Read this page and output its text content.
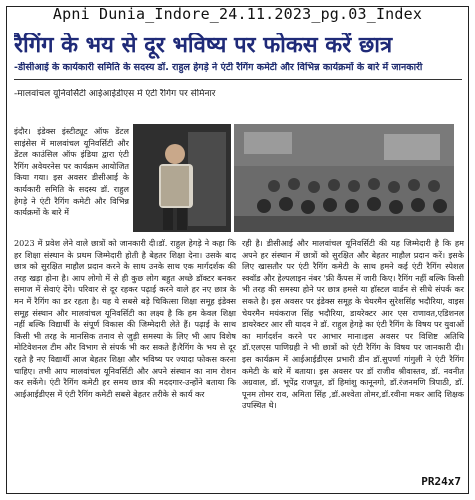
Apni Dunia_Indore_24.11.2023_pg.03_Index
रैगिंग के भय से दूर भविष्य पर फोकस करें छात्र
-डीसीआई के कार्यकारी समिति के सदस्य डॉ. राहुल हेगड़े ने एंटी रैगिंग कमेटी और विभिन्न कार्यक्रमों के बारे में जानकारी
-मालवांचल यूनिवर्सिटी आईआईडीएस में एंटी रैगिंग पर सेमिनार
इंदौर। इंडेक्स इंस्टीट्यूट ऑफ डेंटल साइंसेस में मालवांचल यूनिवर्सिटी और डेंटल काउंसिल ऑफ इंडिया द्वारा एंटी रैगिंग अवेयरनेस पर कार्यक्रम आयोजित किया गया। इस अवसर डीसीआई के कार्यकारी समिति के सदस्य डॉ. राहुल हेगड़े ने एंटी रैगिंग कमेटी और विभिन्न कार्यक्रमों के बारे में
2023 में प्रवेश लेने वाले छात्रों को जानकारी दी।डॉ. राहुल हेगड़े ने कहा कि हर शिक्षा संस्थान के प्रथम जिम्मेदारी होती है बेहतर शिक्षा देना। उसके बाद छात्र को सुरक्षित माहौल प्रदान करने के साथ उनके साथ एक मार्गदर्शक की तरह खड़ा होना है। आप लोगो में से ही कुछ लोग बहुत अच्छे डॉक्टर बनकर समाज में सेवाएं देंगे। परिवार से दूर रहकर पढ़ाई करने वाले हर नए छात्र के मन में रैगिंग का डर रहता है। यह ये सबसे बड़े चिकित्सा शिक्षा समूह इंडेक्स समूह संस्थान और मालवांचल यूनिवर्सिटी का लक्ष्य है कि हम केवल शिक्षा नहीं बल्कि विद्यार्थी के संपूर्ण विकास की जिम्मेदारी लेते हैं। पढ़ाई के साथ किसी भी तरह के मानसिक तनाव से जुड़ी समस्या के लिए भी आप विशेष मोटिवेशनल टीम और विभाग से संपर्क भी कर सकते हैं।रैगिंग के भय से दूर रहते है नए विद्यार्थी आज बेहतर शिक्षा और भविष्य पर ज्यादा फोकस करना चाहिए। तभी आप मालवांचल यूनिवर्सिटी और अपने संस्थान का नाम रोशन कर सकेंगे। एंटी रैगिंग कमेटी हर समय छात्र की मददगार-उन्होंने बताया कि आईआईडीएस में एंटी रैगिंग कमेटी सबसे बेहतर तरीके से कार्य कर
रही है। डीसीआई और मालवांचल यूनिवर्सिटी की यह जिम्मेदारी है कि हम अपने हर संस्थान में छात्रों को सुरक्षित और बेहतर माहौल प्रदान करें। इसके लिए खासतौर पर एंटी रैगिंग कमेटी के साथ हमने कई एंटी रैगिंग स्पेशल स्क्वॉड और हेल्पलाइन नंबर 'फ्री कैंपस में जारी किए। रैगिंग नहीं बल्कि किसी भी तरह की समस्या होने पर छात्र हमसे या हॉस्टल वार्डन से सीधे संपर्क कर सकते है। इस अवसर पर इंडेक्स समूह के चेयरमैन सुरेशसिंह भदौरिया, वाइस चेयरमैन मयंकराज सिंह भदौरिया, डायरेक्टर आर एस राणावत,एडिशनल डायरेक्टर आर सी यादव ने डॉ. राहुल हेगड़े का एंटी रैगिंग के विषय पर युवाओं का मार्गदर्शन करने पर आभार माना।इस अवसर पर विशिष्ट अतिथि डॉ.एलएस पाणिग्रही ने भी छात्रों को एंटी रैगिंग के विषय पर जानकारी दी। इस कार्यक्रम में आईआईडीएस प्रभारी डीन डॉ.सुपर्णा गांगुली ने एंटी रैगिंग कमेटी के बारे में बताया। इस अवसर पर डॉ राजीव श्रीवास्तव, डॉ. नवनीत अग्रवाल, डॉ. भूपेंद्र राजपूत, डॉ हिमांशु कानूनगो, डॉ.रंजनमणि त्रिपाठी, डॉ. पूनम तोमर राव, अमिता सिंह ,डॉ.अश्वेता तोमर,डॉ.रवीना मकर आदि शिक्षक उपस्थित थे।
PR24x7
